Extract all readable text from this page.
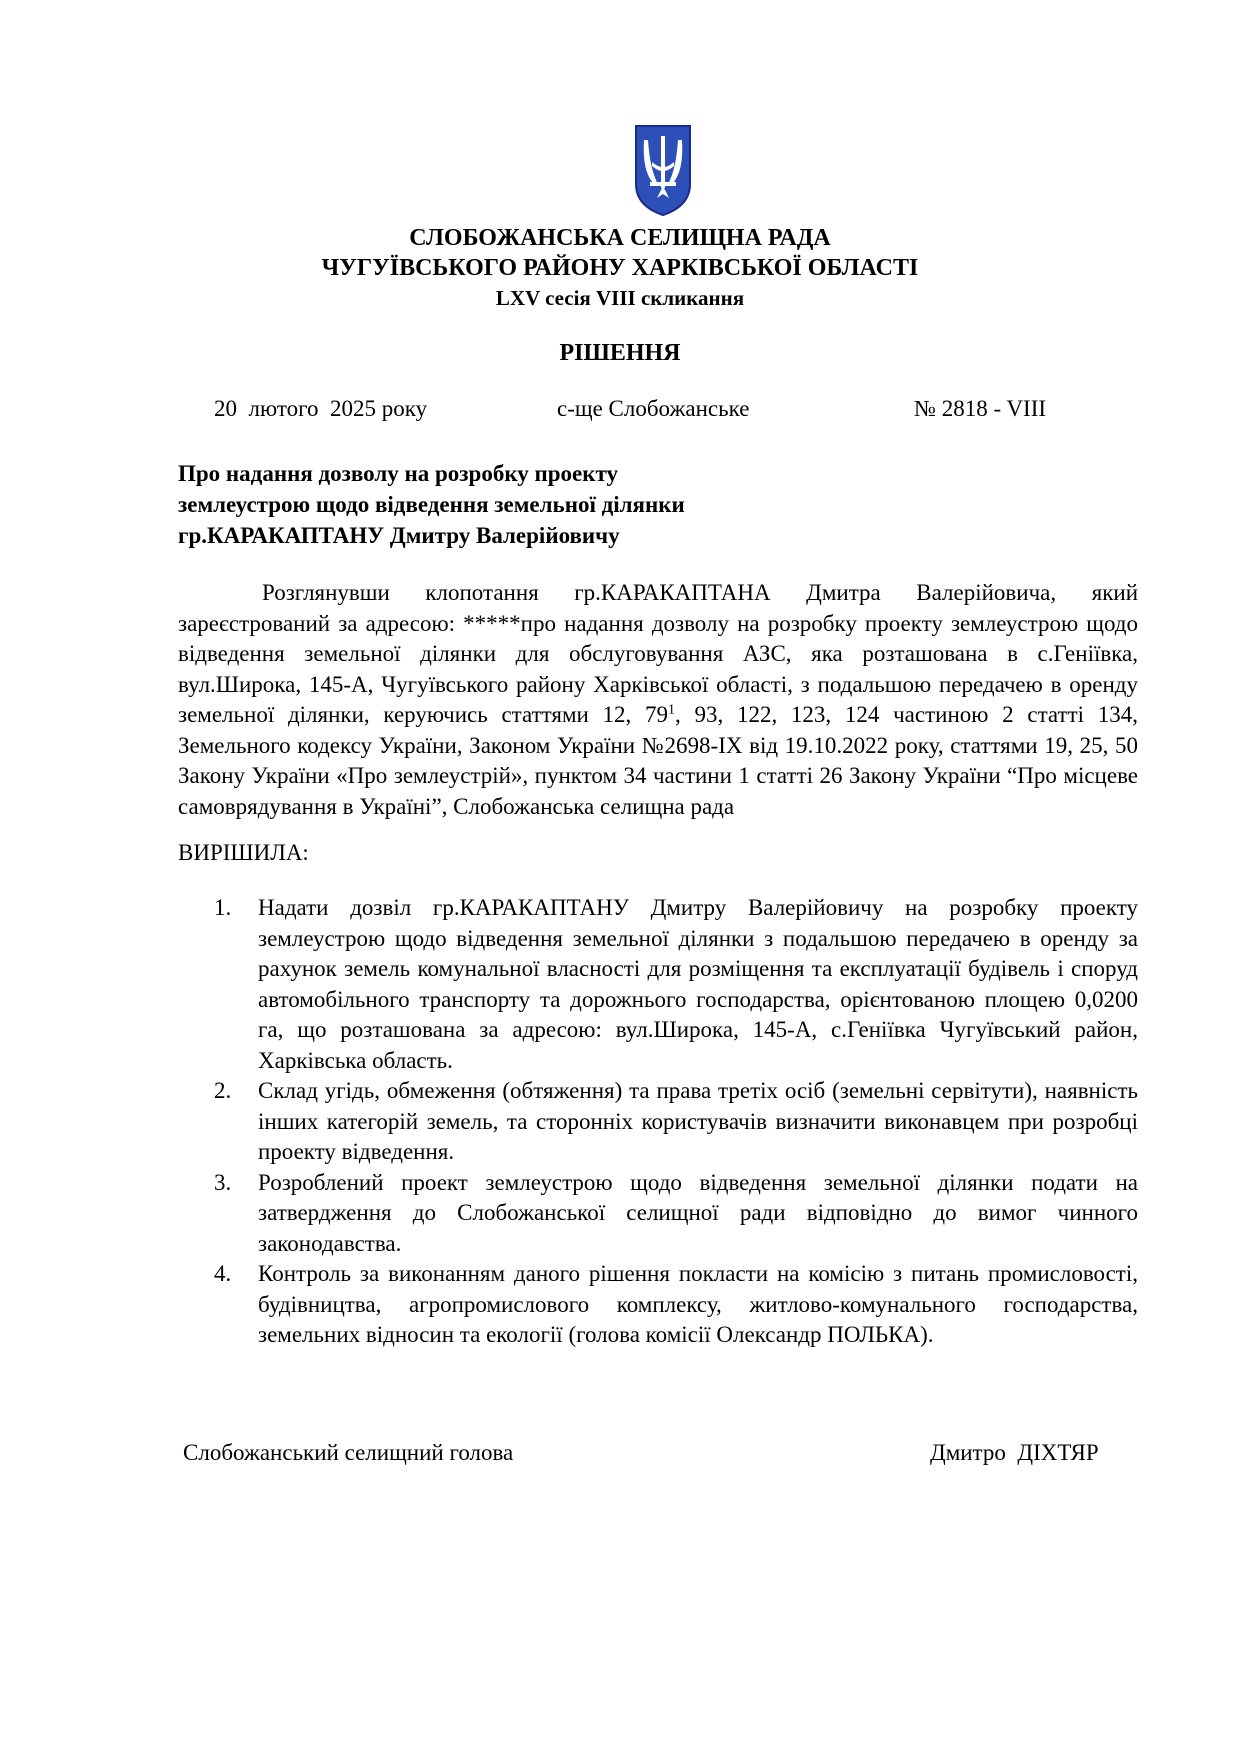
СЛОБОЖАНСЬКА СЕЛИЩНА РАДА
ЧУГУЇВСЬКОГО РАЙОНУ ХАРКІВСЬКОЇ ОБЛАСТІ
LXV сесія VIII скликання
РІШЕННЯ
20  лютого  2025 року	с-ще Слобожанське	№ 2818 - VIII
Про надання дозволу на розробку проекту
землеустрою щодо відведення земельної ділянки
гр.КАРАКАПТАНУ Дмитру Валерійовичу
Розглянувши клопотання гр.КАРАКАПТАНА Дмитра Валерійовича, який зареєстрований за адресою: *****про надання дозволу на розробку проекту землеустрою щодо відведення земельної ділянки для обслуговування АЗС, яка розташована в с.Геніївка, вул.Широка, 145-А, Чугуївського району Харківської області, з подальшою передачею в оренду земельної ділянки, керуючись статтями 12, $79^1$, 93, 122, 123, 124 частиною 2 статті 134, Земельного кодексу України, Законом України №2698-ІХ від 19.10.2022 року, статтями 19, 25, 50 Закону України «Про землеустрій», пунктом 34 частини 1 статті 26 Закону України “Про місцеве самоврядування в Україні”, Слобожанська селищна рада
ВИРІШИЛА:
1. Надати дозвіл гр.КАРАКАПТАНУ Дмитру Валерійовичу на розробку проекту землеустрою щодо відведення земельної ділянки з подальшою передачею в оренду за рахунок земель комунальної власності для розміщення та експлуатації будівель і споруд автомобільного транспорту та дорожнього господарства, орієнтованою площею 0,0200 га, що розташована за адресою: вул.Широка, 145-А, с.Геніївка Чугуївський район, Харківська область.
2. Склад угідь, обмеження (обтяження) та права третіх осіб (земельні сервітути), наявність інших категорій земель, та сторонніх користувачів визначити виконавцем при розробці проекту відведення.
3. Розроблений проект землеустрою щодо відведення земельної ділянки подати на затвердження до Слобожанської селищної ради відповідно до вимог чинного законодавства.
4. Контроль за виконанням даного рішення покласти на комісію з питань промисловості, будівництва, агропромислового комплексу, житлово-комунального господарства, земельних відносин та екології (голова комісії Олександр ПОЛЬКА).
Слобожанський селищний голова	Дмитро  ДІХТЯР
